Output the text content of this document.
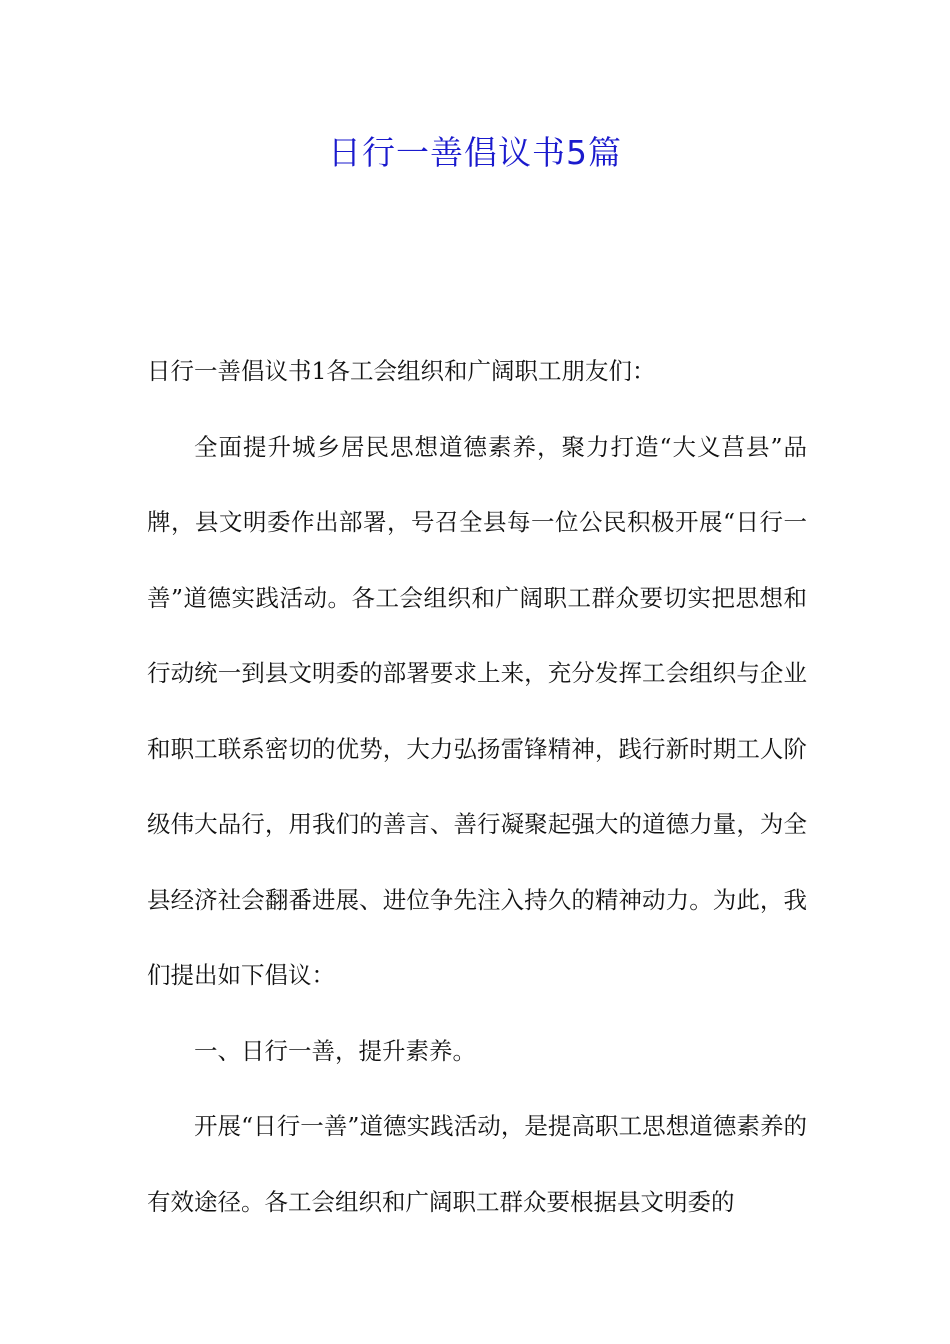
日行一善倡议书5篇

日行一善倡议书1各工会组织和广阔职工朋友们：

全面提升城乡居民思想道德素养，聚力打造“大义莒县”品牌，县文明委作出部署，号召全县每一位公民积极开展“日行一善”道德实践活动。各工会组织和广阔职工群众要切实把思想和行动统一到县文明委的部署要求上来，充分发挥工会组织与企业和职工联系密切的优势，大力弘扬雷锋精神，践行新时期工人阶级伟大品行，用我们的善言、善行凝聚起强大的道德力量，为全县经济社会翻番进展、进位争先注入持久的精神动力。为此，我们提出如下倡议：

一、日行一善，提升素养。

开展“日行一善”道德实践活动，是提高职工思想道德素养的有效途径。各工会组织和广阔职工群众要根据县文明委的
